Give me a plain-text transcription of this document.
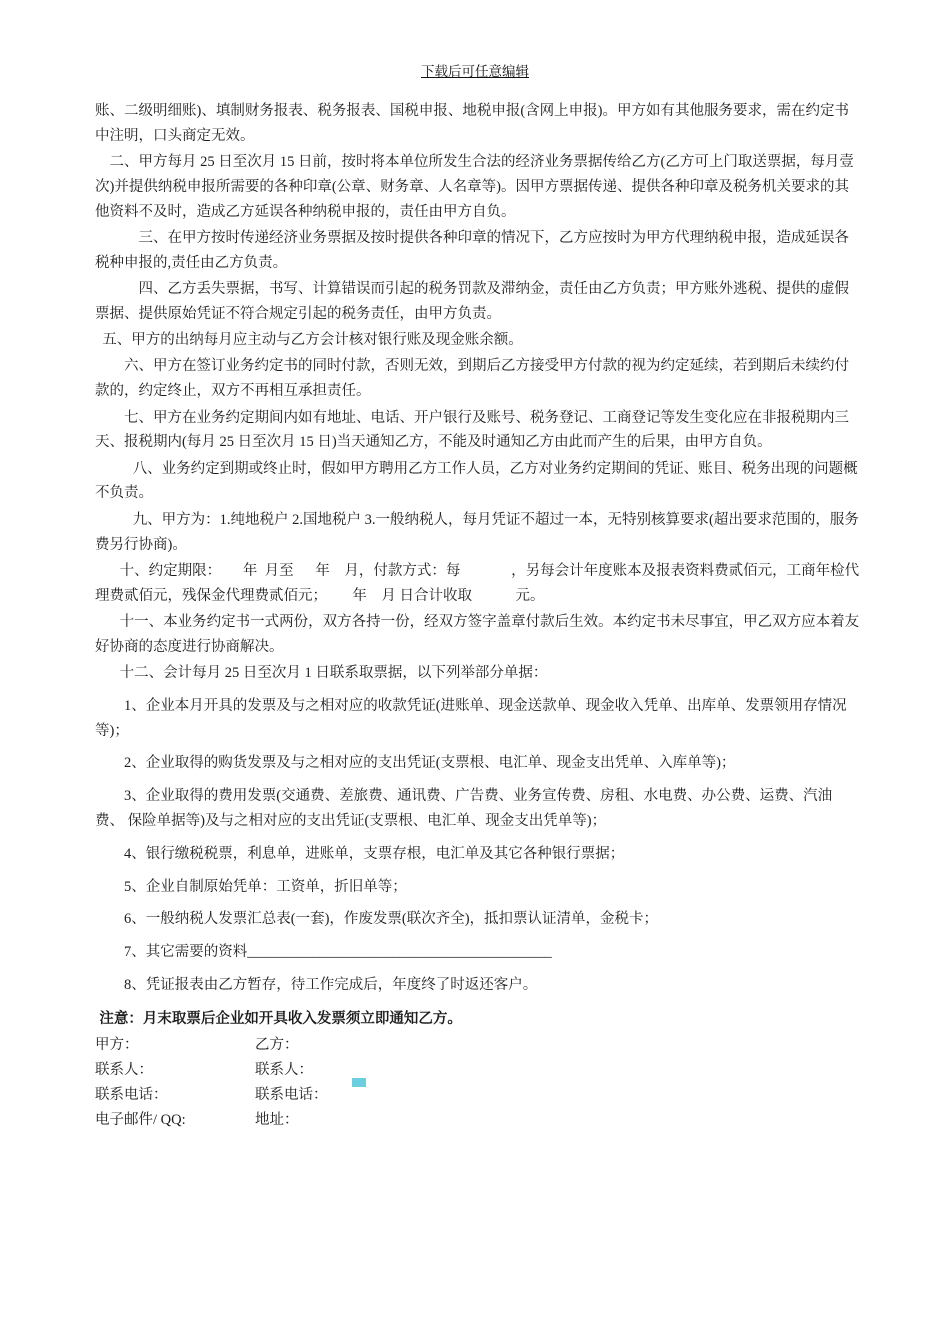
下载后可任意编辑

账、二级明细账)、填制财务报表、税务报表、国税申报、地税申报(含网上申报)。甲方如有其他服务要求，需在约定书中注明，口头商定无效。

二、甲方每月 25 日至次月 15 日前，按时将本单位所发生合法的经济业务票据传给乙方(乙方可上门取送票据，每月壹次)并提供纳税申报所需要的各种印章(公章、财务章、人名章等)。因甲方票据传递、提供各种印章及税务机关要求的其他资料不及时，造成乙方延误各种纳税申报的，责任由甲方自负。

三、在甲方按时传递经济业务票据及按时提供各种印章的情况下，乙方应按时为甲方代理纳税申报，造成延误各税种申报的,责任由乙方负责。

四、乙方丢失票据，书写、计算错误而引起的税务罚款及滞纳金，责任由乙方负责；甲方账外逃税、提供的虚假票据、提供原始凭证不符合规定引起的税务责任，由甲方负责。

五、甲方的出纳每月应主动与乙方会计核对银行账及现金账余额。

六、甲方在签订业务约定书的同时付款，否则无效，到期后乙方接受甲方付款的视为约定延续，若到期后未续约付款的，约定终止，双方不再相互承担责任。

七、甲方在业务约定期间内如有地址、电话、开户银行及账号、税务登记、工商登记等发生变化应在非报税期内三天、报税期内(每月 25 日至次月 15 日)当天通知乙方，不能及时通知乙方由此而产生的后果，由甲方自负。

八、业务约定到期或终止时，假如甲方聘用乙方工作人员，乙方对业务约定期间的凭证、账目、税务出现的问题概不负责。

九、甲方为：1.纯地税户 2.国地税户 3.一般纳税人，每月凭证不超过一本，无特别核算要求(超出要求范围的，服务费另行协商)。

十、约定期限：      年  月至      年    月，付款方式：每              ，另每会计年度账本及报表资料费贰佰元，工商年检代理费贰佰元，残保金代理费贰佰元；       年    月 日合计收取            元。

十一、本业务约定书一式两份，双方各持一份，经双方签字盖章付款后生效。本约定书未尽事宜，甲乙双方应本着友好协商的态度进行协商解决。

十二、会计每月 25 日至次月 1 日联系取票据，以下列举部分单据：

1、企业本月开具的发票及与之相对应的收款凭证(进账单、现金送款单、现金收入凭单、出库单、发票领用存情况等)；

2、企业取得的购货发票及与之相对应的支出凭证(支票根、电汇单、现金支出凭单、入库单等)；

3、企业取得的费用发票(交通费、差旅费、通讯费、广告费、业务宣传费、房租、水电费、办公费、运费、汽油费、 保险单据等)及与之相对应的支出凭证(支票根、电汇单、现金支出凭单等)；

4、银行缴税税票，利息单，进账单，支票存根，电汇单及其它各种银行票据；

5、企业自制原始凭单：工资单，折旧单等；

6、一般纳税人发票汇总表(一套)，作废发票(联次齐全)，抵扣票认证清单，金税卡；

7、其它需要的资料__________________________________________

8、凭证报表由乙方暂存，待工作完成后，年度终了时返还客户。

注意：月末取票后企业如开具收入发票须立即通知乙方。

甲方：	乙方：
联系人：	联系人：
联系电话：	联系电话：
电子邮件/ QQ:	地址：
